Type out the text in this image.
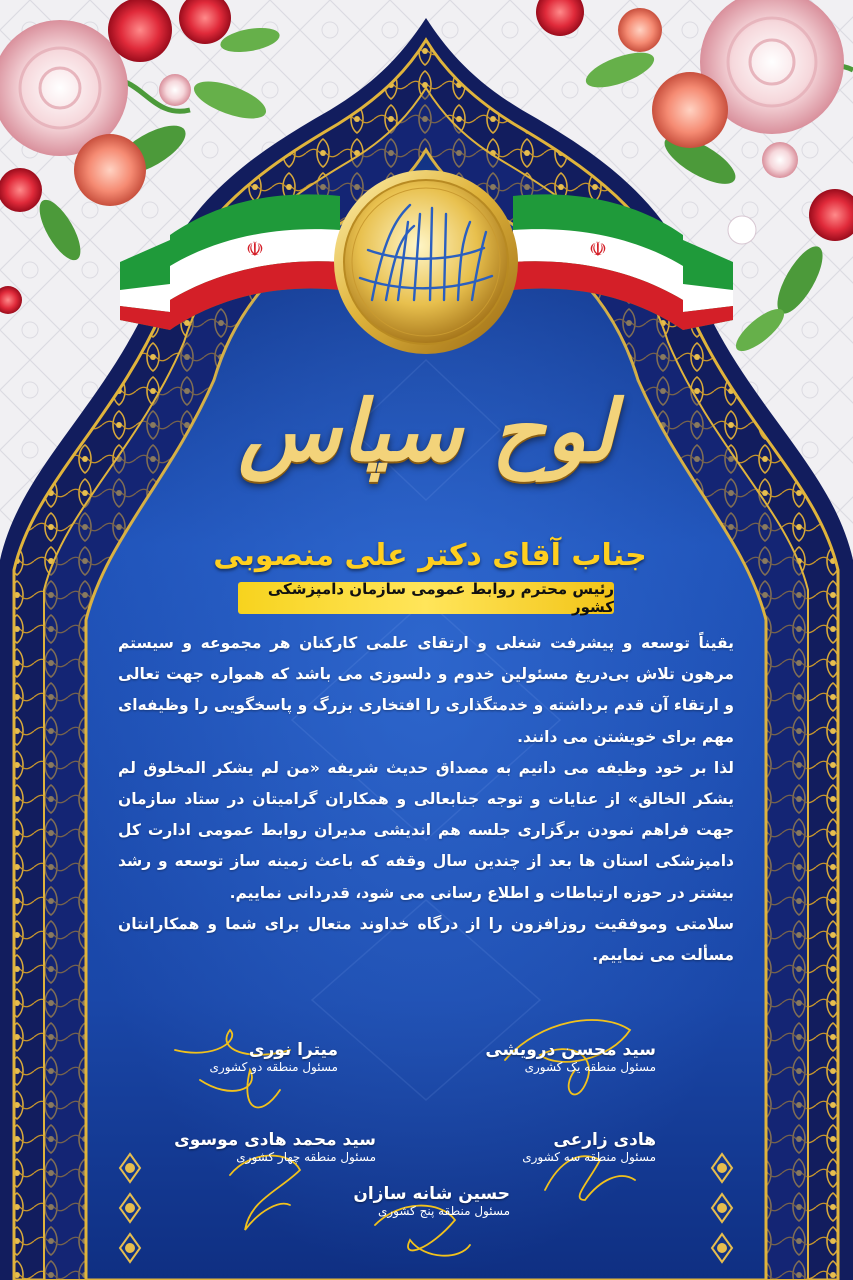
☫	☫
لوح سپاس
جناب آقای دکتر علی منصوبی
رئیس محترم روابط عمومی سازمان دامپزشکی کشور

یقیناً توسعه و پیشرفت شغلی و ارتقای علمی کارکنان هر مجموعه و سیستم مرهون تلاش بی‌دریغ مسئولین خدوم و دلسوزی می باشد که همواره جهت تعالی و ارتقاء آن قدم برداشته و خدمتگذاری را افتخاری بزرگ و پاسخگویی را وظیفه‌ای مهم برای خویشتن می دانند.

لذا بر خود وظیفه می دانیم به مصداق حدیث شریفه «من لم یشکر المخلوق لم یشکر الخالق» از عنایات و توجه جنابعالی و همکاران گرامیتان در ستاد سازمان جهت فراهم نمودن برگزاری جلسه هم اندیشی مدیران روابط عمومی ادارت کل دامپزشکی استان ها بعد از چندین سال وقفه که باعث زمینه ساز توسعه و رشد بیشتر در حوزه ارتباطات و اطلاع رسانی می شود، قدردانی نماییم.

سلامتی وموفقیت روزافزون را از درگاه خداوند متعال برای شما و همکارانتان مسألت می نماییم.

سید محسن درویشی
مسئول منطقه یک کشوری
میترا نوری
مسئول منطقه دو کشوری
هادی زارعی
مسئول منطقه سه کشوری
سید محمد هادی موسوی
مسئول منطقه چهار کشوری
حسین شانه سازان
مسئول منطقه پنج کشوری
